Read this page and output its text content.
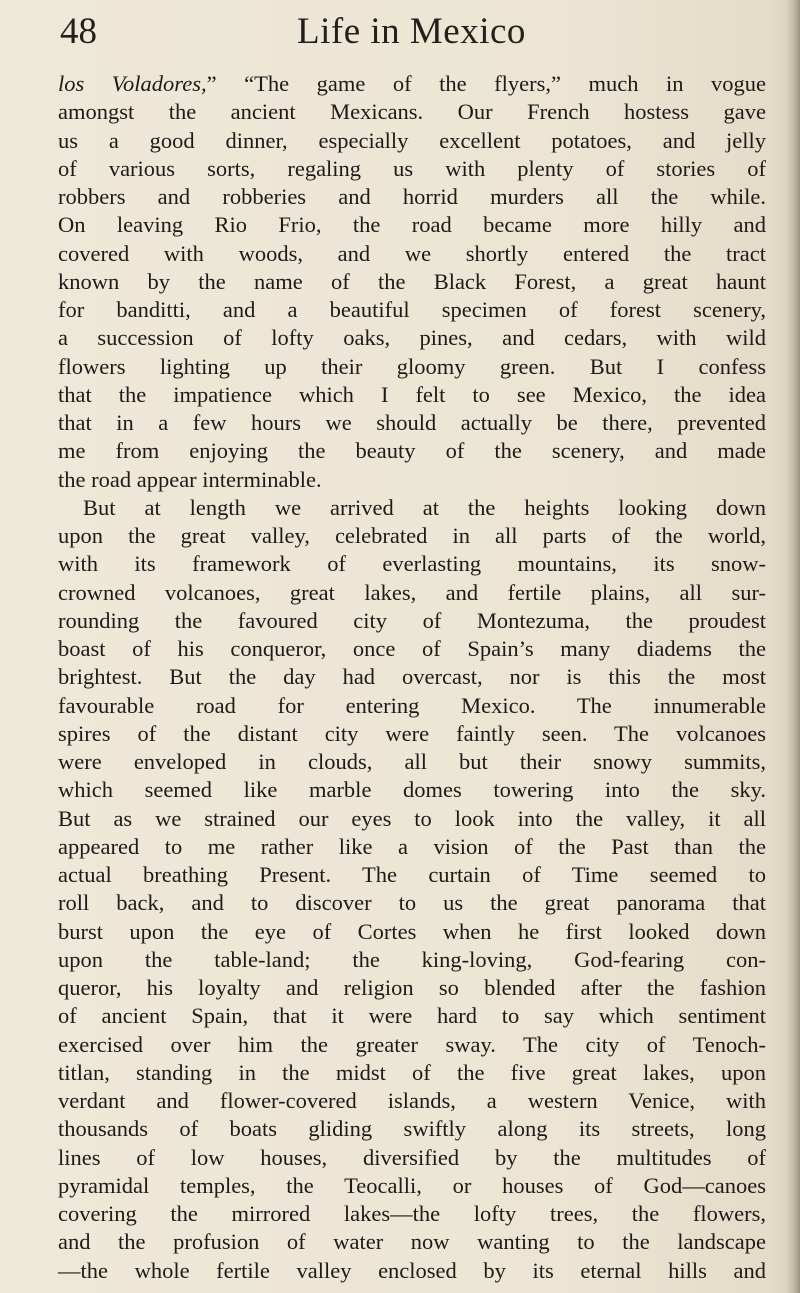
48	Life in Mexico
los Voladores,” “The game of the flyers,” much in vogue
amongst the ancient Mexicans. Our French hostess gave
us a good dinner, especially excellent potatoes, and jelly
of various sorts, regaling us with plenty of stories of
robbers and robberies and horrid murders all the while.
On leaving Rio Frio, the road became more hilly and
covered with woods, and we shortly entered the tract
known by the name of the Black Forest, a great haunt
for banditti, and a beautiful specimen of forest scenery,
a succession of lofty oaks, pines, and cedars, with wild
flowers lighting up their gloomy green. But I confess
that the impatience which I felt to see Mexico, the idea
that in a few hours we should actually be there, prevented
me from enjoying the beauty of the scenery, and made
the road appear interminable.
But at length we arrived at the heights looking down
upon the great valley, celebrated in all parts of the world,
with its framework of everlasting mountains, its snow-
crowned volcanoes, great lakes, and fertile plains, all sur-
rounding the favoured city of Montezuma, the proudest
boast of his conqueror, once of Spain’s many diadems the
brightest. But the day had overcast, nor is this the most
favourable road for entering Mexico. The innumerable
spires of the distant city were faintly seen. The volcanoes
were enveloped in clouds, all but their snowy summits,
which seemed like marble domes towering into the sky.
But as we strained our eyes to look into the valley, it all
appeared to me rather like a vision of the Past than the
actual breathing Present. The curtain of Time seemed to
roll back, and to discover to us the great panorama that
burst upon the eye of Cortes when he first looked down
upon the table-land; the king-loving, God-fearing con-
queror, his loyalty and religion so blended after the fashion
of ancient Spain, that it were hard to say which sentiment
exercised over him the greater sway. The city of Tenoch-
titlan, standing in the midst of the five great lakes, upon
verdant and flower-covered islands, a western Venice, with
thousands of boats gliding swiftly along its streets, long
lines of low houses, diversified by the multitudes of
pyramidal temples, the Teocalli, or houses of God—canoes
covering the mirrored lakes—the lofty trees, the flowers,
and the profusion of water now wanting to the landscape
—the whole fertile valley enclosed by its eternal hills and
